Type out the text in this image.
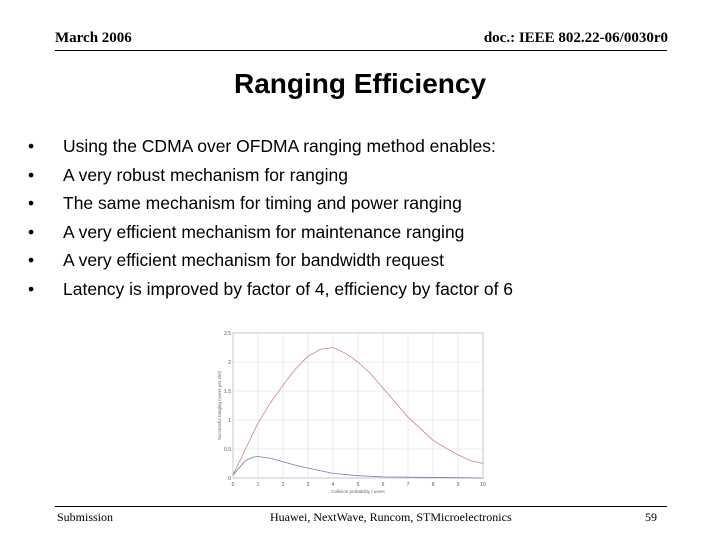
March 2006	doc.: IEEE 802.22-06/0030r0
Ranging Efficiency
• Using the CDMA over OFDMA ranging method enables:
• A very robust mechanism for ranging
• The same mechanism for timing and power ranging
• A very efficient mechanism for maintenance ranging
• A very efficient mechanism for bandwidth request
• Latency is improved by factor of 4, efficiency by factor of 6
0	1	2	3	4	5	6	7	8	9	10
0
0.5
1
1.5
2
2.5
Collision probability / users
Successful ranging (users per slot)
Submission	Huawei, NextWave, Runcom, STMicroelectronics	59
